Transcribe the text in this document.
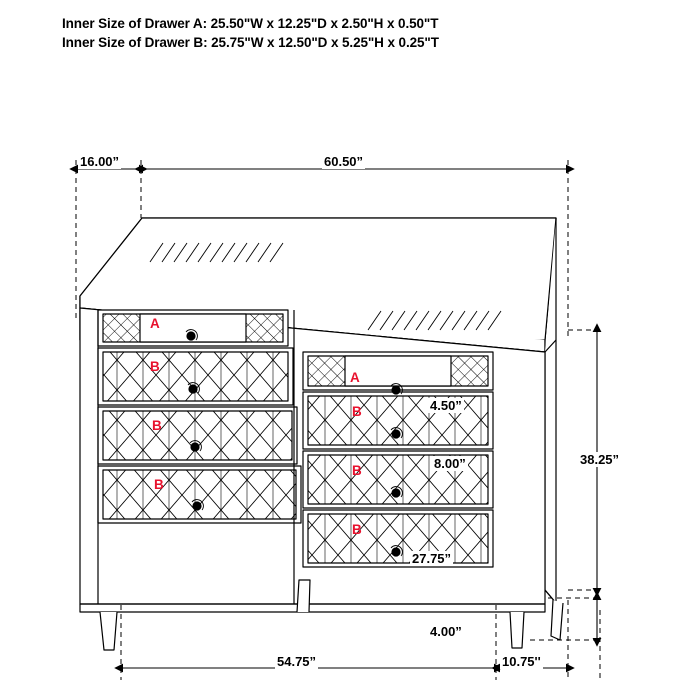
Inner Size of Drawer A: 25.50"W x 12.25"D x 2.50"H x 0.50"T
Inner Size of Drawer B: 25.75"W x 12.50"D x 5.25"H x 0.25"T
16.00”	60.50”
4.50”
8.00”
27.75”
38.25”
4.00”
54.75”	10.75''
A
B
B
B
A
B
B
B
